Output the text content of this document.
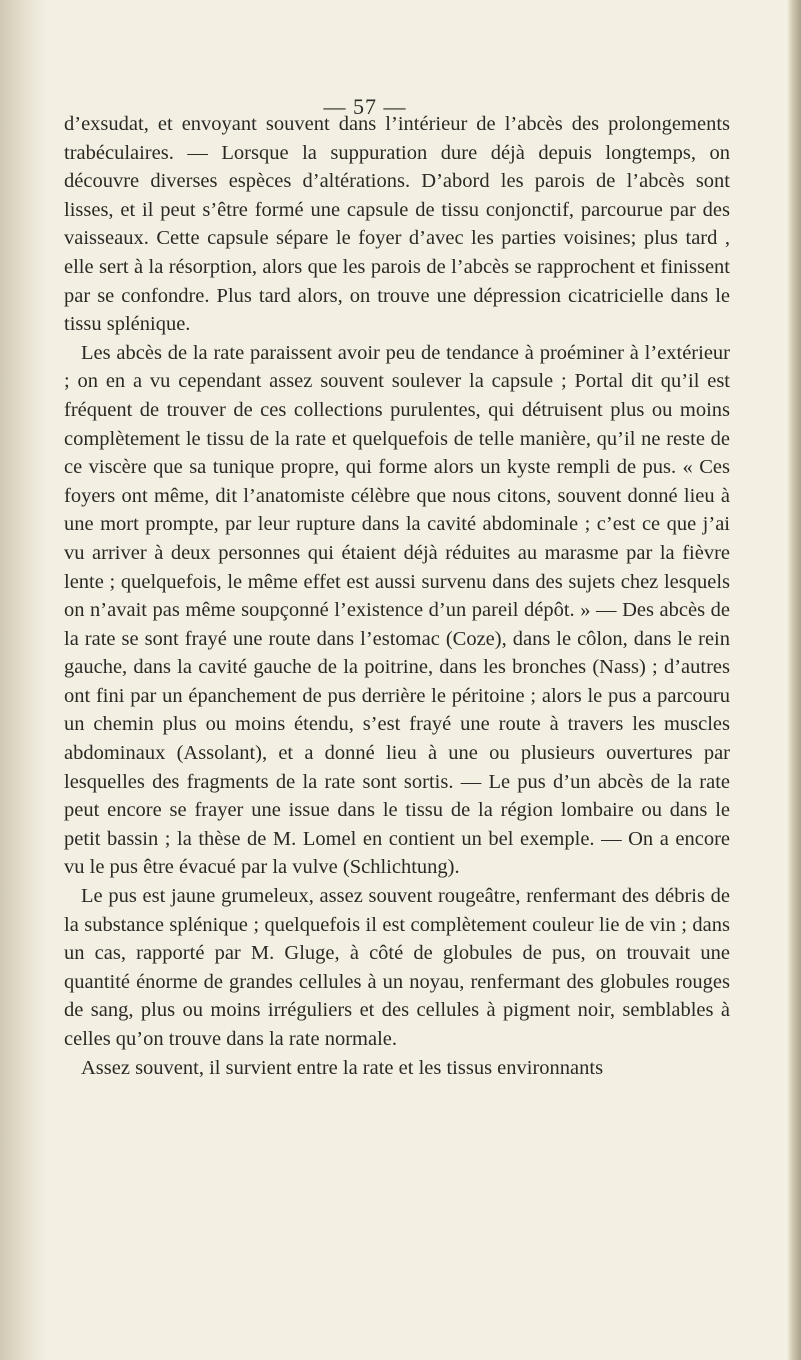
— 57 —

d’exsudat, et envoyant souvent dans l’intérieur de l’abcès des prolongements trabéculaires. — Lorsque la suppuration dure déjà depuis longtemps, on découvre diverses espèces d’altérations. D’abord les parois de l’abcès sont lisses, et il peut s’être formé une capsule de tissu conjonctif, parcourue par des vaisseaux. Cette capsule sépare le foyer d’avec les parties voisines; plus tard , elle sert à la résorption, alors que les parois de l’abcès se rapprochent et finissent par se confondre. Plus tard alors, on trouve une dépression cicatricielle dans le tissu splénique.

Les abcès de la rate paraissent avoir peu de tendance à proéminer à l’extérieur ; on en a vu cependant assez souvent soulever la capsule ; Portal dit qu’il est fréquent de trouver de ces collections purulentes, qui détruisent plus ou moins complètement le tissu de la rate et quelquefois de telle manière, qu’il ne reste de ce viscère que sa tunique propre, qui forme alors un kyste rempli de pus. « Ces foyers ont même, dit l’anatomiste célèbre que nous citons, souvent donné lieu à une mort prompte, par leur rupture dans la cavité abdominale ; c’est ce que j’ai vu arriver à deux personnes qui étaient déjà réduites au marasme par la fièvre lente ; quelquefois, le même effet est aussi survenu dans des sujets chez lesquels on n’avait pas même soupçonné l’existence d’un pareil dépôt. » — Des abcès de la rate se sont frayé une route dans l’estomac (Coze), dans le côlon, dans le rein gauche, dans la cavité gauche de la poitrine, dans les bronches (Nass) ; d’autres ont fini par un épanchement de pus derrière le péritoine ; alors le pus a parcouru un chemin plus ou moins étendu, s’est frayé une route à travers les muscles abdominaux (Assolant), et a donné lieu à une ou plusieurs ouvertures par lesquelles des fragments de la rate sont sortis. — Le pus d’un abcès de la rate peut encore se frayer une issue dans le tissu de la région lombaire ou dans le petit bassin ; la thèse de M. Lomel en contient un bel exemple. — On a encore vu le pus être évacué par la vulve (Schlichtung).

Le pus est jaune grumeleux, assez souvent rougeâtre, renfermant des débris de la substance splénique ; quelquefois il est complètement couleur lie de vin ; dans un cas, rapporté par M. Gluge, à côté de globules de pus, on trouvait une quantité énorme de grandes cellules à un noyau, renfermant des globules rouges de sang, plus ou moins irréguliers et des cellules à pigment noir, semblables à celles qu’on trouve dans la rate normale.

Assez souvent, il survient entre la rate et les tissus environnants
